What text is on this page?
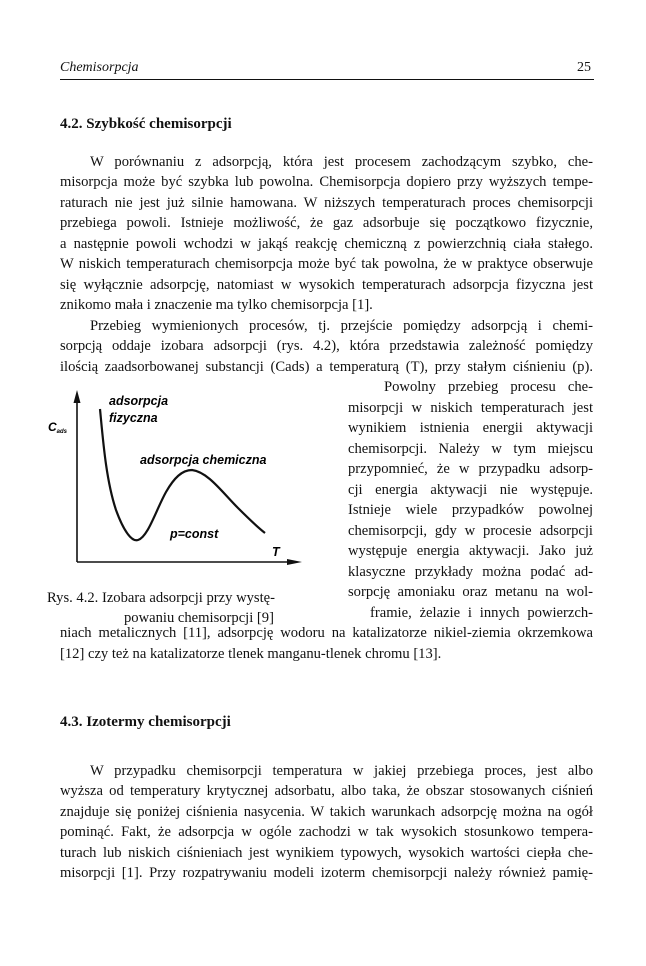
Chemisorpcja	25
4.2. Szybkość chemisorpcji
W porównaniu z adsorpcją, która jest procesem zachodzącym szybko, che-
misorpcja może być szybka lub powolna. Chemisorpcja dopiero przy wyższych tempe-
raturach nie jest już silnie hamowana. W niższych temperaturach proces chemisorpcji
przebiega powoli. Istnieje możliwość, że gaz adsorbuje się początkowo fizycznie,
a następnie powoli wchodzi w jakąś reakcję chemiczną z powierzchnią ciała stałego.
W niskich temperaturach chemisorpcja może być tak powolna, że w praktyce obserwuje
się wyłącznie adsorpcję, natomiast w wysokich temperaturach adsorpcja fizyczna jest
znikomo mała i znaczenie ma tylko chemisorpcja [1].
Przebieg wymienionych procesów, tj. przejście pomiędzy adsorpcją i chemi-
sorpcją oddaje izobara adsorpcji (rys. 4.2), która przedstawia zależność pomiędzy
ilością zaadsorbowanej substancji (Cads) a temperaturą (T), przy stałym ciśnieniu (p).
Powolny przebieg procesu che-
misorpcji w niskich temperaturach jest
wynikiem istnienia energii aktywacji
chemisorpcji. Należy w tym miejscu
przypomnieć, że w przypadku adsorp-
cji energia aktywacji nie występuje.
Istnieje wiele przypadków powolnej
chemisorpcji, gdy w procesie adsorpcji
występuje energia aktywacji. Jako już
klasyczne przykłady można podać ad-
sorpcję amoniaku oraz metanu na wol-
framie, żelazie i innych powierzch-
niach metalicznych [11], adsorpcję wodoru na katalizatorze nikiel-ziemia okrzemkowa
[12] czy też na katalizatorze tlenek manganu-tlenek chromu [13].
Cads
adsorpcja
fizyczna
adsorpcja chemiczna
p=const
T
Rys. 4.2. Izobara adsorpcji przy wystę-
powaniu chemisorpcji [9]
4.3. Izotermy chemisorpcji
W przypadku chemisorpcji temperatura w jakiej przebiega proces, jest albo
wyższa od temperatury krytycznej adsorbatu, albo taka, że obszar stosowanych ciśnień
znajduje się poniżej ciśnienia nasycenia. W takich warunkach adsorpcję można na ogół
pominąć. Fakt, że adsorpcja w ogóle zachodzi w tak wysokich stosunkowo tempera-
turach lub niskich ciśnieniach jest wynikiem typowych, wysokich wartości ciepła che-
misorpcji [1]. Przy rozpatrywaniu modeli izoterm chemisorpcji należy również pamię-
